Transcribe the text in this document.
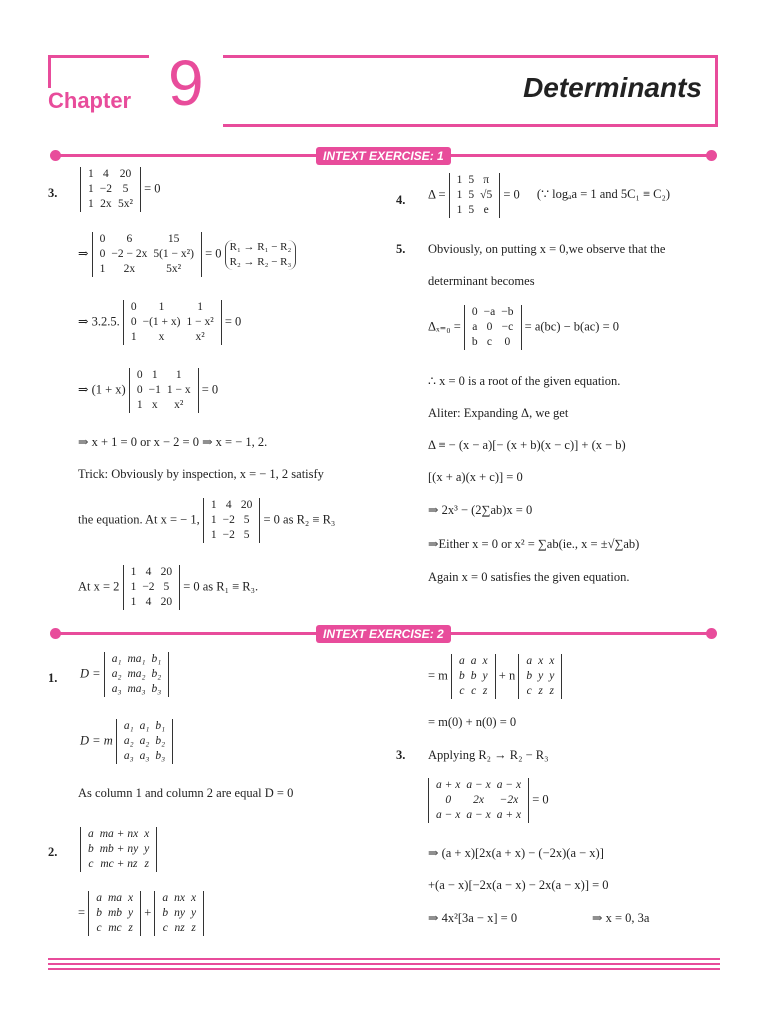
Chapter 9	Determinants
INTEXT EXERCISE: 1
3.
1	4	20
1	−2	5
1	2x	5x²
= 0
⇒
0	6	15
0	−2 − 2x	5(1 − x²)
1	2x	5x²
= 0 R₁ → R₁ − R₂
R₂ → R₂ − R₃
⇒ 3.2.5.
0	1	1
0	−(1 + x)	1 − x²
1	x	x²
= 0
⇒ (1 + x)
0	1	1
0	−1	1 − x
1	x	x²
= 0
⇒ x + 1 = 0 or x − 2 = 0 ⇒ x = − 1, 2.
Trick: Obviously by inspection, x = − 1, 2 satisfy
the equation. At x = − 1,
1	4	20
1	−2	5
1	−2	5
= 0 as R₂ ≡ R₃
At x = 2
1	4	20
1	−2	5
1	4	20
= 0 as R₁ ≡ R₃.
4. Δ =
1	5	π
1	5	√5
1	5	e
= 0 (∵ logₐa = 1 and 5C₁ ≡ C₂)
5. Obviously, on putting x = 0,we observe that the
determinant becomes
Δₓ₌₀ =
0	−a	−b
a	0	−c
b	c	0
= a(bc) − b(ac) = 0
∴ x = 0 is a root of the given equation.
Aliter: Expanding Δ, we get
Δ ≡ − (x − a)[− (x + b)(x − c)] + (x − b)
[(x + a)(x + c)] = 0
⇒ 2x³ − (2∑ab)x = 0
⇒Either x = 0 or x² = ∑ab(ie., x = ±√∑ab)
Again x = 0 satisfies the given equation.
INTEXT EXERCISE: 2
1. D =
a₁	ma₁	b₁
a₂	ma₂	b₂
a₃	ma₃	b₃
D = m
a₁	a₁	b₁
a₂	a₂	b₂
a₃	a₃	b₃
As column 1 and column 2 are equal D = 0
2.
a	ma + nx	x
b	mb + ny	y
c	mc + nz	z
=
a	ma	x
b	mb	y
c	mc	z
+
a	nx	x
b	ny	y
c	nz	z
= m
a	a	x
b	b	y
c	c	z
+ n
a	x	x
b	y	y
c	z	z
= m(0) + n(0) = 0
3. Applying R₂ → R₂ − R₃
a + x	a − x	a − x
0	2x	−2x
a − x	a − x	a + x
= 0
⇒ (a + x)[2x(a + x) − (−2x)(a − x)]
+(a − x)[−2x(a − x) − 2x(a − x)] = 0
⇒ 4x²[3a − x] = 0	⇒ x = 0, 3a
